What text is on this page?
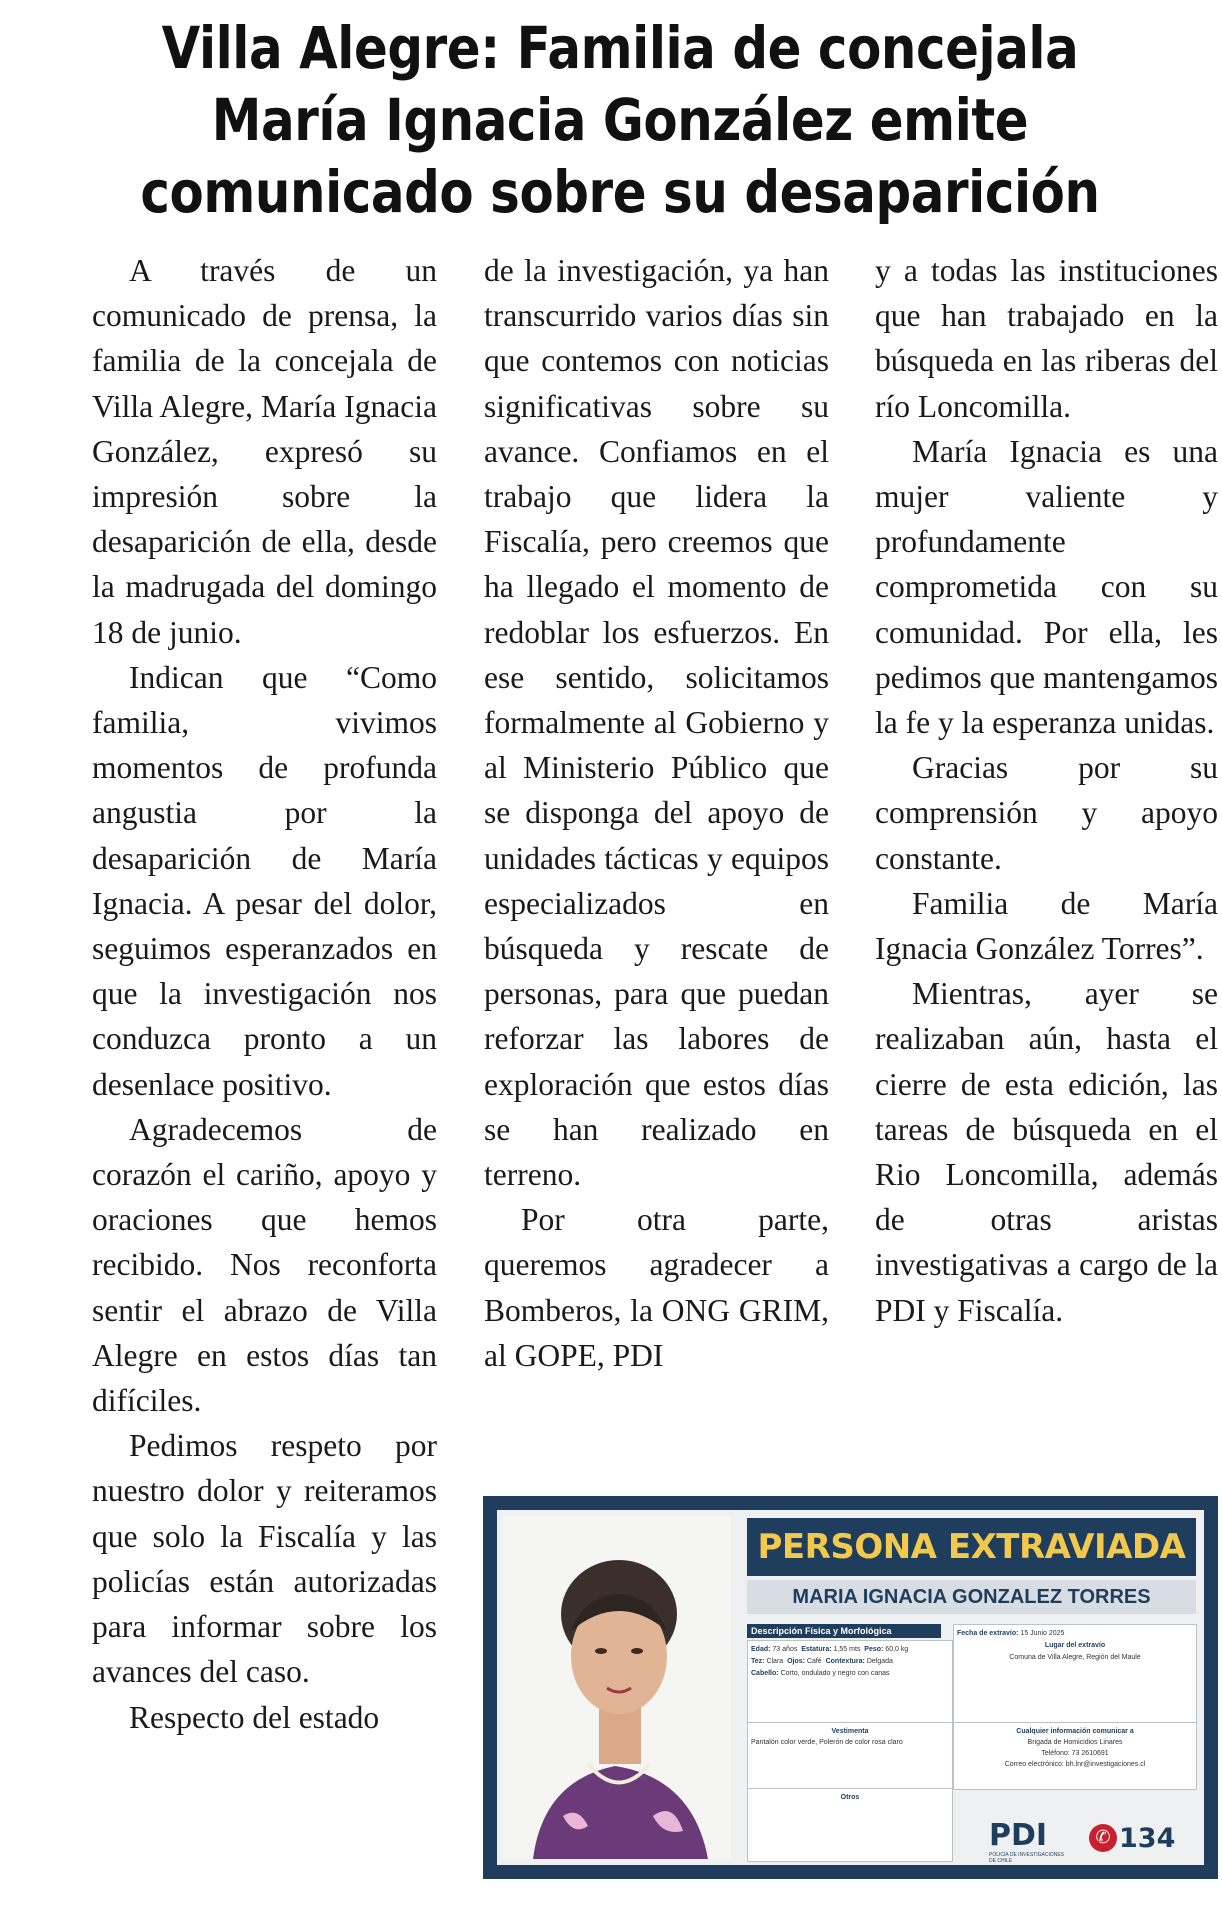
Villa Alegre: Familia de concejala María Ignacia González emite comunicado sobre su desaparición

A través de un comunicado de prensa, la familia de la concejala de Villa Alegre, María Ignacia González, expresó su impresión sobre la desaparición de ella, desde la madrugada del domingo 18 de junio.

Indican que “Como familia, vivimos momentos de profunda angustia por la desaparición de María Ignacia. A pesar del dolor, seguimos esperanzados en que la investigación nos conduzca pronto a un desenlace positivo.

Agradecemos de corazón el cariño, apoyo y oraciones que hemos recibido. Nos reconforta sentir el abrazo de Villa Alegre en estos días tan difíciles.

Pedimos respeto por nuestro dolor y reiteramos que solo la Fiscalía y las policías están autorizadas para informar sobre los avances del caso.

Respecto del estado

de la investigación, ya han transcurrido varios días sin que contemos con noticias significativas sobre su avance. Confiamos en el trabajo que lidera la Fiscalía, pero creemos que ha llegado el momento de redoblar los esfuerzos. En ese sentido, solicitamos formalmente al Gobierno y al Ministerio Público que se disponga del apoyo de unidades tácticas y equipos especializados en búsqueda y rescate de personas, para que puedan reforzar las labores de exploración que estos días se han realizado en terreno.

Por otra parte, queremos agradecer a Bomberos, la ONG GRIM, al GOPE, PDI

y a todas las instituciones que han trabajado en la búsqueda en las riberas del río Loncomilla.

María Ignacia es una mujer valiente y profundamente comprometida con su comunidad. Por ella, les pedimos que mantengamos la fe y la esperanza unidas.

Gracias por su comprensión y apoyo constante.

Familia de María Ignacia González Torres”.

Mientras, ayer se realizaban aún, hasta el cierre de esta edición, las tareas de búsqueda en el Rio Loncomilla, además de otras aristas investigativas a cargo de la PDI y Fiscalía.

PERSONA EXTRAVIADA
MARIA IGNACIA GONZALEZ TORRES
Descripción Física y Morfológica
Edad: 73 años Estatura: 1,55 mts Peso: 60,0 kg
Tez: Clara Ojos: Café Contextura: Delgada
Cabello: Corto, ondulado y negro con canas
Fecha de extravío: 15 Junio 2025
Lugar del extravío
Comuna de Villa Alegre, Región del Maule
Vestimenta
Pantalón color verde, Polerón de color rosa claro
Cualquier información comunicar a
Brigada de Homicidios Linares
Teléfono: 73 2610691
Correo electrónico: bh.lnr@investigaciones.cl
Otros
PDI
POLICÍA DE INVESTIGACIONES DE CHILE
✆ 134
